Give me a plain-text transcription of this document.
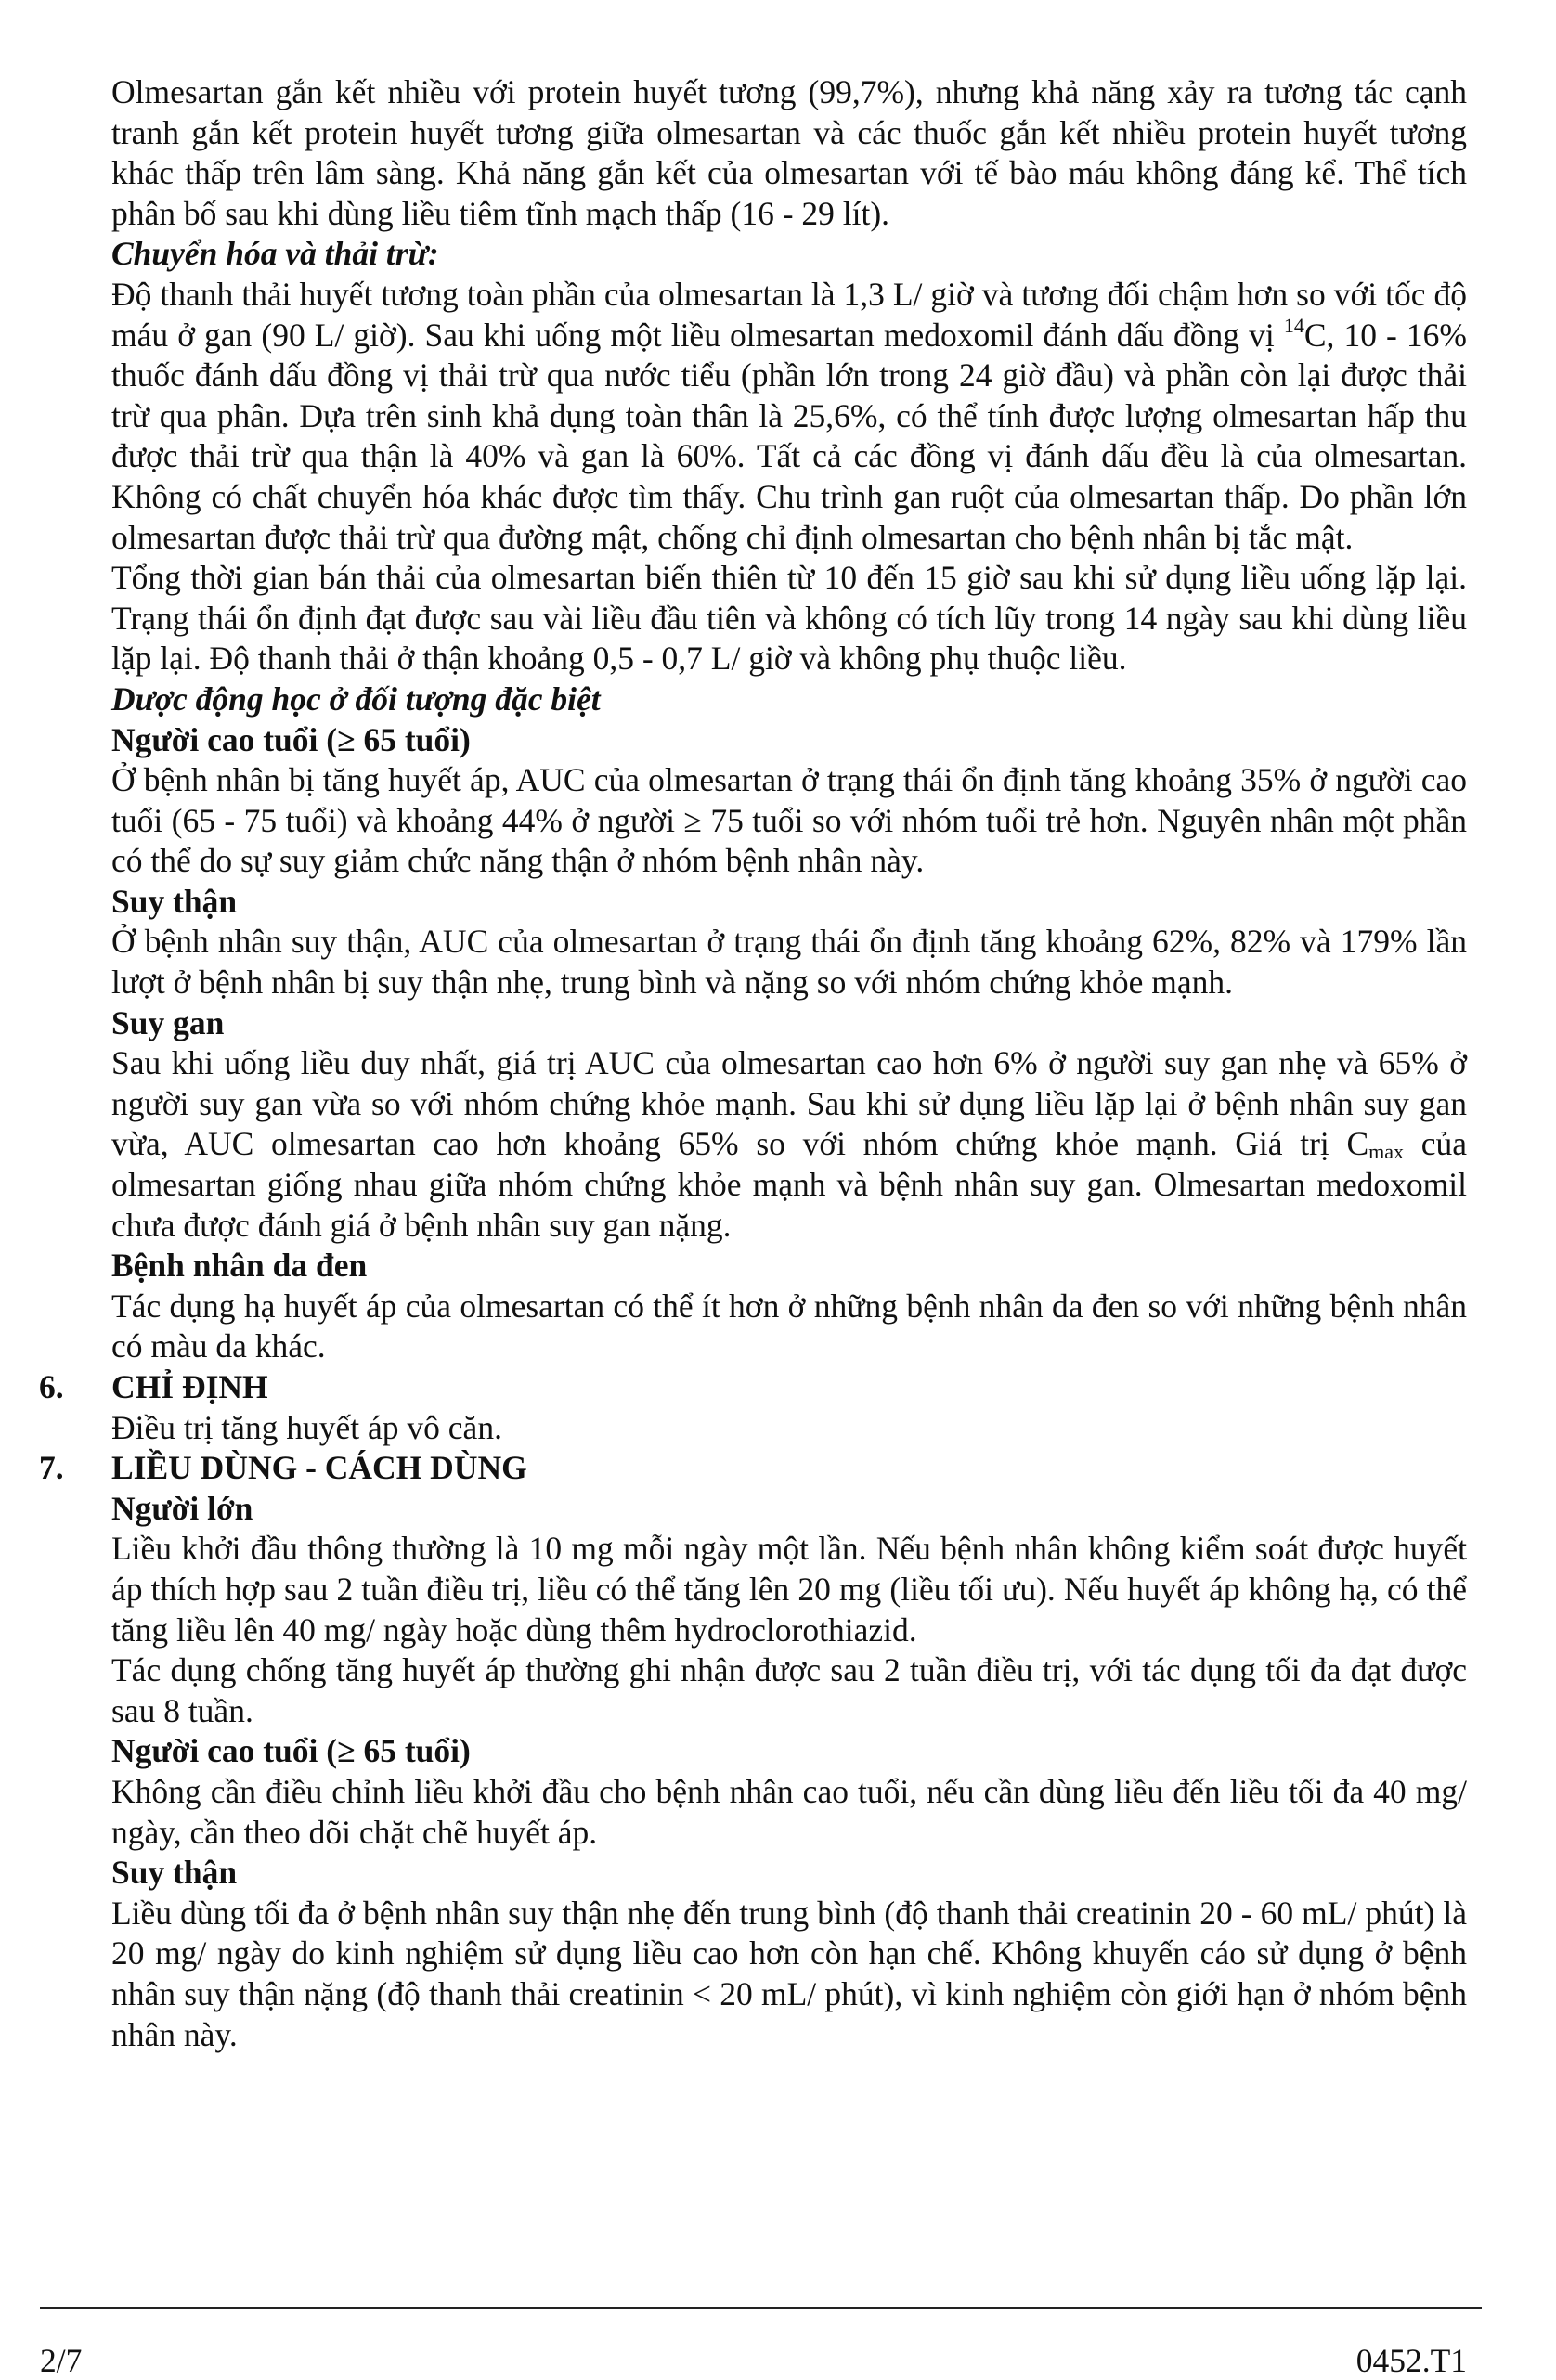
Olmesartan gắn kết nhiều với protein huyết tương (99,7%), nhưng khả năng xảy ra tương tác cạnh tranh gắn kết protein huyết tương giữa olmesartan và các thuốc gắn kết nhiều protein huyết tương khác thấp trên lâm sàng. Khả năng gắn kết của olmesartan với tế bào máu không đáng kể. Thể tích phân bố sau khi dùng liều tiêm tĩnh mạch thấp (16 - 29 lít).

Chuyển hóa và thải trừ:

Độ thanh thải huyết tương toàn phần của olmesartan là 1,3 L/ giờ và tương đối chậm hơn so với tốc độ máu ở gan (90 L/ giờ). Sau khi uống một liều olmesartan medoxomil đánh dấu đồng vị $^{14}$C, 10 - 16% thuốc đánh dấu đồng vị thải trừ qua nước tiểu (phần lớn trong 24 giờ đầu) và phần còn lại được thải trừ qua phân. Dựa trên sinh khả dụng toàn thân là 25,6%, có thể tính được lượng olmesartan hấp thu được thải trừ qua thận là 40% và gan là 60%. Tất cả các đồng vị đánh dấu đều là của olmesartan. Không có chất chuyển hóa khác được tìm thấy. Chu trình gan ruột của olmesartan thấp. Do phần lớn olmesartan được thải trừ qua đường mật, chống chỉ định olmesartan cho bệnh nhân bị tắc mật.

Tổng thời gian bán thải của olmesartan biến thiên từ 10 đến 15 giờ sau khi sử dụng liều uống lặp lại. Trạng thái ổn định đạt được sau vài liều đầu tiên và không có tích lũy trong 14 ngày sau khi dùng liều lặp lại. Độ thanh thải ở thận khoảng 0,5 - 0,7 L/ giờ và không phụ thuộc liều.

Dược động học ở đối tượng đặc biệt

Người cao tuổi (≥ 65 tuổi)

Ở bệnh nhân bị tăng huyết áp, AUC của olmesartan ở trạng thái ổn định tăng khoảng 35% ở người cao tuổi (65 - 75 tuổi) và khoảng 44% ở người ≥ 75 tuổi so với nhóm tuổi trẻ hơn. Nguyên nhân một phần có thể do sự suy giảm chức năng thận ở nhóm bệnh nhân này.

Suy thận

Ở bệnh nhân suy thận, AUC của olmesartan ở trạng thái ổn định tăng khoảng 62%, 82% và 179% lần lượt ở bệnh nhân bị suy thận nhẹ, trung bình và nặng so với nhóm chứng khỏe mạnh.

Suy gan

Sau khi uống liều duy nhất, giá trị AUC của olmesartan cao hơn 6% ở người suy gan nhẹ và 65% ở người suy gan vừa so với nhóm chứng khỏe mạnh. Sau khi sử dụng liều lặp lại ở bệnh nhân suy gan vừa, AUC olmesartan cao hơn khoảng 65% so với nhóm chứng khỏe mạnh. Giá trị $C_{max}$ của olmesartan giống nhau giữa nhóm chứng khỏe mạnh và bệnh nhân suy gan. Olmesartan medoxomil chưa được đánh giá ở bệnh nhân suy gan nặng.

Bệnh nhân da đen

Tác dụng hạ huyết áp của olmesartan có thể ít hơn ở những bệnh nhân da đen so với những bệnh nhân có màu da khác.

6. CHỈ ĐỊNH

Điều trị tăng huyết áp vô căn.

7. LIỀU DÙNG - CÁCH DÙNG

Người lớn

Liều khởi đầu thông thường là 10 mg mỗi ngày một lần. Nếu bệnh nhân không kiểm soát được huyết áp thích hợp sau 2 tuần điều trị, liều có thể tăng lên 20 mg (liều tối ưu). Nếu huyết áp không hạ, có thể tăng liều lên 40 mg/ ngày hoặc dùng thêm hydroclorothiazid.

Tác dụng chống tăng huyết áp thường ghi nhận được sau 2 tuần điều trị, với tác dụng tối đa đạt được sau 8 tuần.

Người cao tuổi (≥ 65 tuổi)

Không cần điều chỉnh liều khởi đầu cho bệnh nhân cao tuổi, nếu cần dùng liều đến liều tối đa 40 mg/ ngày, cần theo dõi chặt chẽ huyết áp.

Suy thận

Liều dùng tối đa ở bệnh nhân suy thận nhẹ đến trung bình (độ thanh thải creatinin 20 - 60 mL/ phút) là 20 mg/ ngày do kinh nghiệm sử dụng liều cao hơn còn hạn chế. Không khuyến cáo sử dụng ở bệnh nhân suy thận nặng (độ thanh thải creatinin < 20 mL/ phút), vì kinh nghiệm còn giới hạn ở nhóm bệnh nhân này.

2/7	0452.T1
